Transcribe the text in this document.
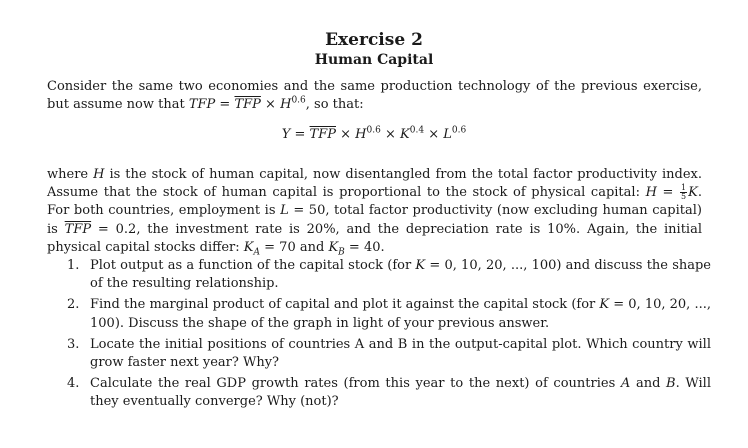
Exercise 2
Human Capital

Consider the same two economies and the same production technology of the previous exercise, but assume now that TFP = $\overline{TFP} \times H^{0.6}$, so that:

$Y = \overline{TFP} \times H^{0.6} \times K^{0.4} \times L^{0.6}$

where H is the stock of human capital, now disentangled from the total factor productivity index. Assume that the stock of human capital is proportional to the stock of physical capital: $H = \frac{1}{5} K$. For both countries, employment is L = 50, total factor productivity (now excluding human capital) is $\overline{TFP} = 0.2$, the investment rate is 20%, and the depreciation rate is 10%. Again, the initial physical capital stocks differ: $K_A = 70$ and $K_B = 40$.

1. Plot output as a function of the capital stock (for K = 0, 10, 20, ..., 100) and discuss the shape of the resulting relationship.
2. Find the marginal product of capital and plot it against the capital stock (for K = 0, 10, 20, ..., 100). Discuss the shape of the graph in light of your previous answer.
3. Locate the initial positions of countries A and B in the output-capital plot. Which country will grow faster next year? Why?
4. Calculate the real GDP growth rates (from this year to the next) of countries A and B. Will they eventually converge? Why (not)?
